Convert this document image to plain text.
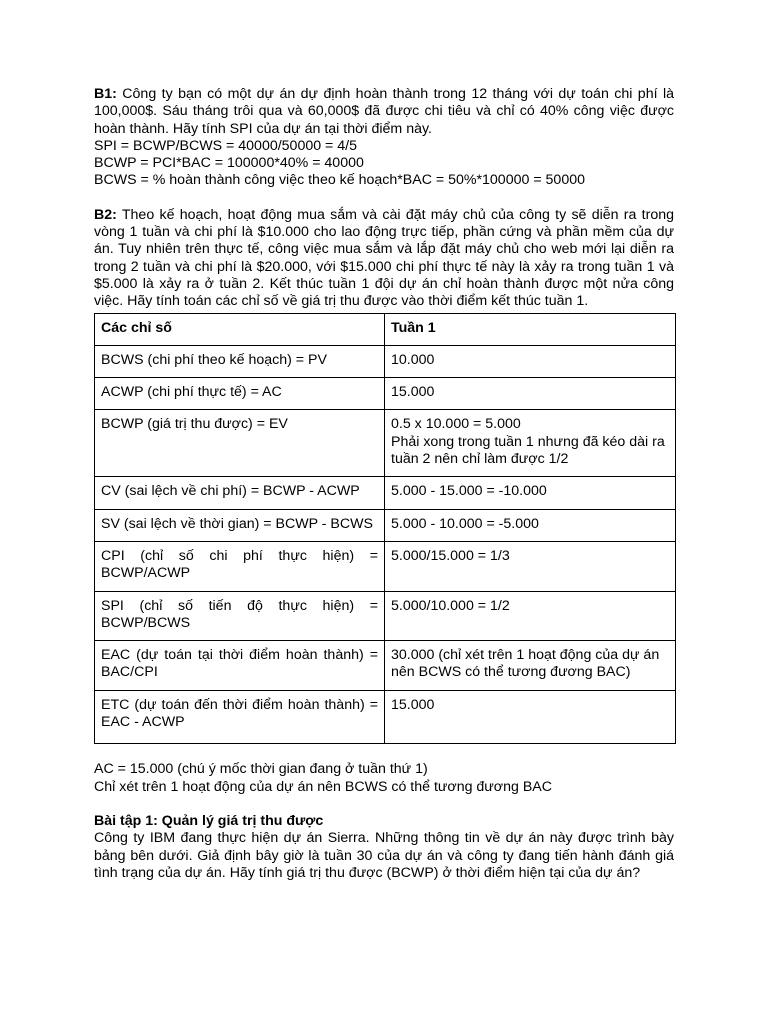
B1: Công ty bạn có một dự án dự định hoàn thành trong 12 tháng với dự toán chi phí là 100,000$. Sáu tháng trôi qua và 60,000$ đã được chi tiêu và chỉ có 40% công việc được hoàn thành. Hãy tính SPI của dự án tại thời điểm này.

SPI = BCWP/BCWS = 40000/50000 = 4/5

BCWP = PCI*BAC = 100000*40% = 40000

BCWS = % hoàn thành công việc theo kế hoạch*BAC = 50%*100000 = 50000

B2: Theo kế hoạch, hoạt động mua sắm và cài đặt máy chủ của công ty sẽ diễn ra trong vòng 1 tuần và chi phí là $10.000 cho lao động trực tiếp, phần cứng và phần mềm của dự án. Tuy nhiên trên thực tế, công việc mua sắm và lắp đặt máy chủ cho web mới lại diễn ra trong 2 tuần và chi phí là $20.000, với $15.000 chi phí thực tế này là xảy ra trong tuần 1 và $5.000 là xảy ra ở tuần 2. Kết thúc tuần 1 đội dự án chỉ hoàn thành được một nửa công việc. Hãy tính toán các chỉ số về giá trị thu được vào thời điểm kết thúc tuần 1.

Các chỉ số	Tuần 1
BCWS (chi phí theo kế hoạch) = PV	10.000

ACWP (chi phí thực tế) = AC	15.000

BCWP (giá trị thu được) = EV	0.5 x 10.000 = 5.000
Phải xong trong tuần 1 nhưng đã kéo dài ra tuần 2 nên chỉ làm được 1/2

CV (sai lệch về chi phí) = BCWP - ACWP	5.000 - 15.000 = -10.000

SV (sai lệch về thời gian) = BCWP - BCWS	5.000 - 10.000 = -5.000

CPI (chỉ số chi phí thực hiện) = BCWP/ACWP	5.000/15.000 = 1/3

SPI (chỉ số tiến độ thực hiện) = BCWP/BCWS	5.000/10.000 = 1/2

EAC (dự toán tại thời điểm hoàn thành) = BAC/CPI	30.000 (chỉ xét trên 1 hoạt động của dự án nên BCWS có thể tương đương BAC)

ETC (dự toán đến thời điểm hoàn thành) = EAC - ACWP	15.000

AC = 15.000 (chú ý mốc thời gian đang ở tuần thứ 1)

Chỉ xét trên 1 hoạt động của dự án nên BCWS có thể tương đương BAC

Bài tập 1: Quản lý giá trị thu được

Công ty IBM đang thực hiện dự án Sierra. Những thông tin về dự án này được trình bày bảng bên dưới. Giả định bây giờ là tuần 30 của dự án và công ty đang tiến hành đánh giá tình trạng của dự án. Hãy tính giá trị thu được (BCWP) ở thời điểm hiện tại của dự án?
